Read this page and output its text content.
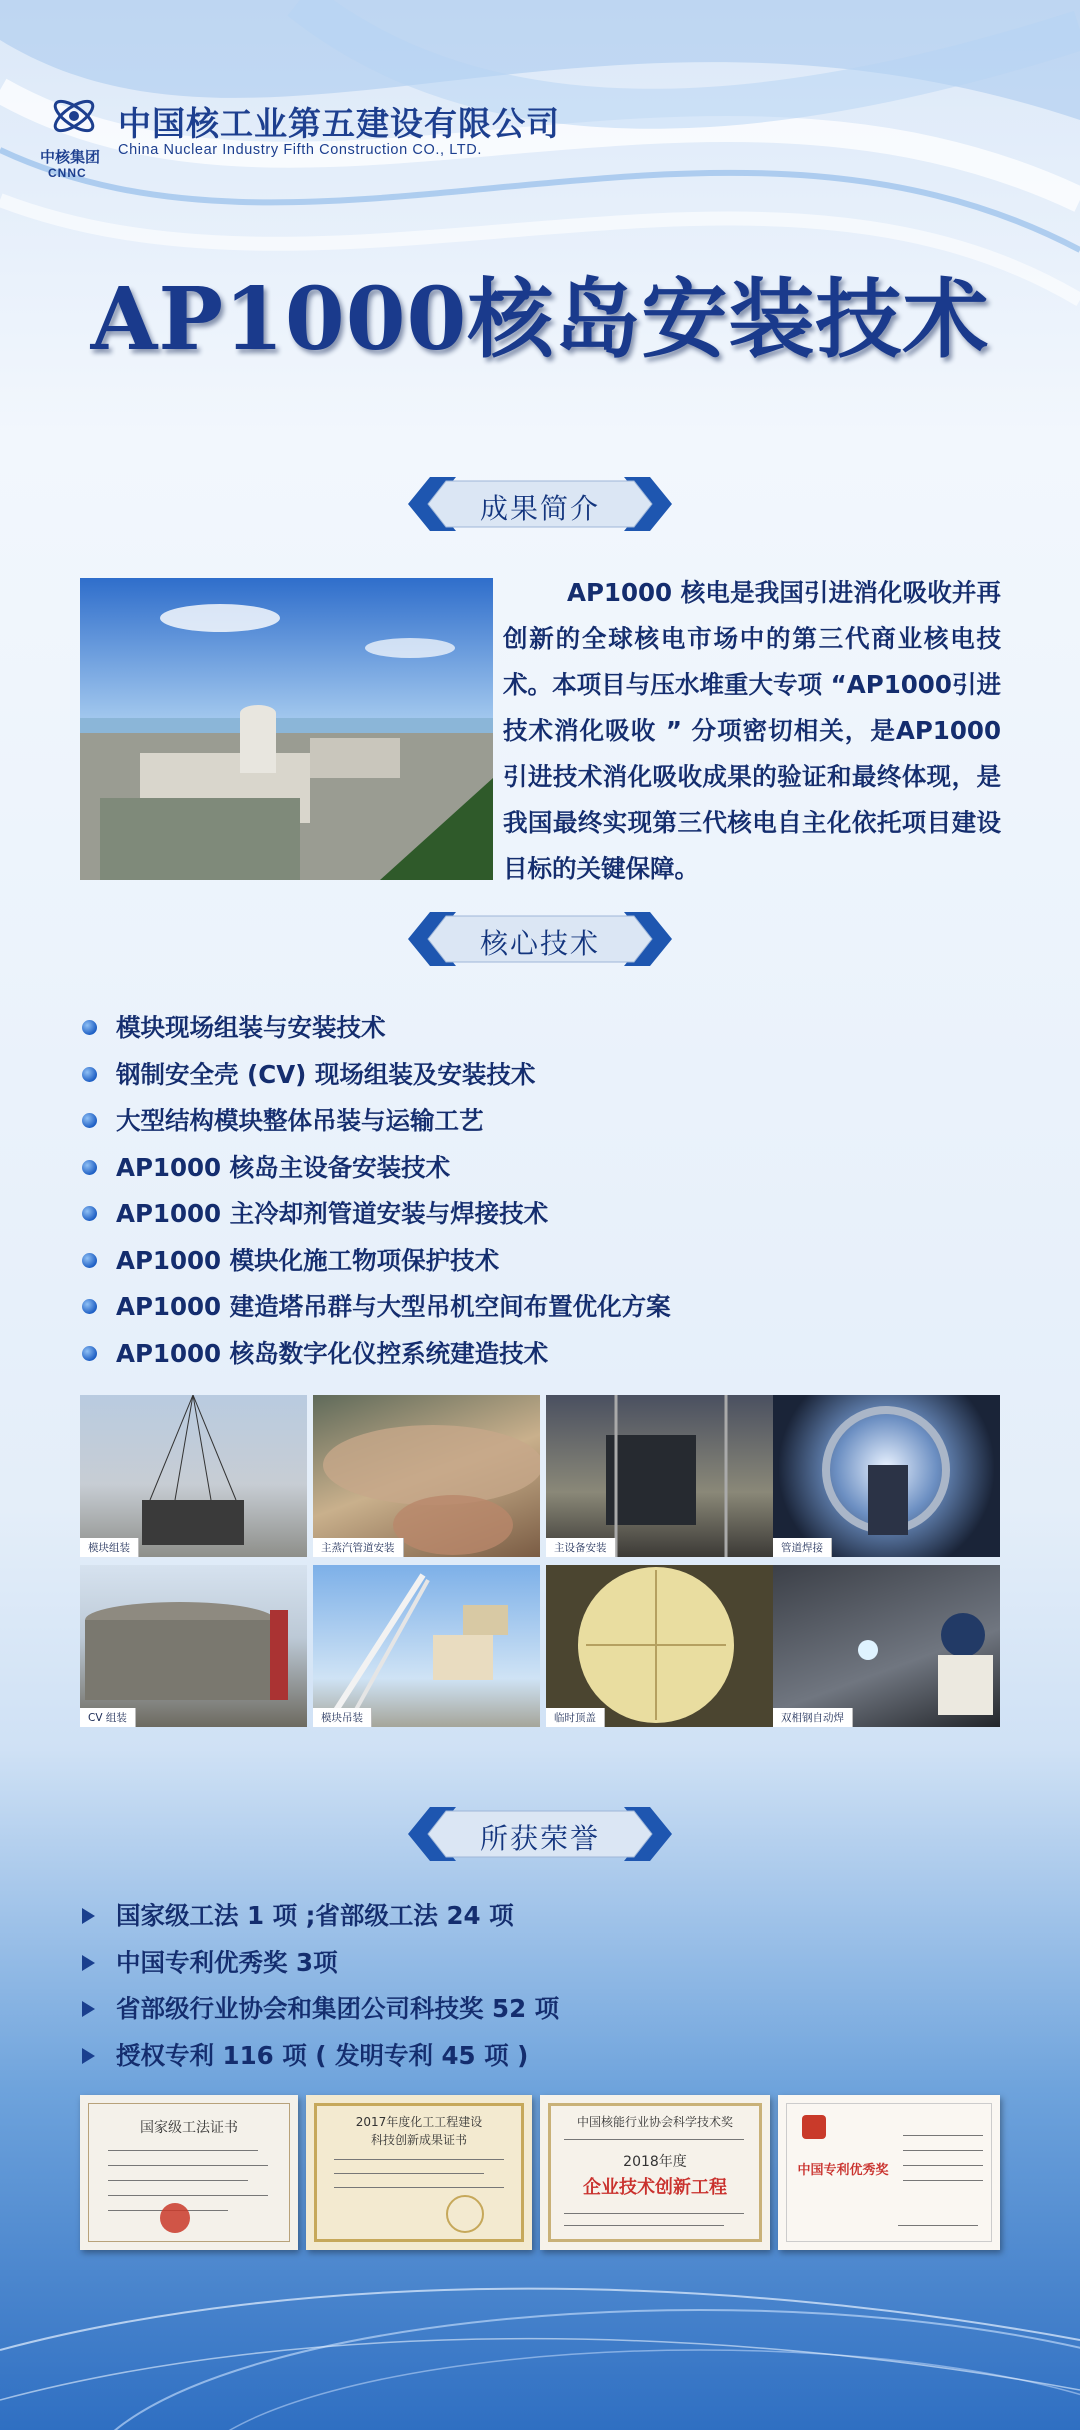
中核集团
CNNC
中国核工业第五建设有限公司
China Nuclear Industry Fifth Construction CO., LTD.
AP1000核岛安装技术
成果简介
AP1000 核电是我国引进消化吸收并再创新的全球核电市场中的第三代商业核电技术。本项目与压水堆重大专项 “AP1000引进技术消化吸收 ” 分项密切相关，是AP1000 引进技术消化吸收成果的验证和最终体现，是我国最终实现第三代核电自主化依托项目建设目标的关键保障。
核心技术
模块现场组装与安装技术
钢制安全壳 (CV) 现场组装及安装技术
大型结构模块整体吊装与运输工艺
AP1000 核岛主设备安装技术
AP1000 主冷却剂管道安装与焊接技术
AP1000 模块化施工物项保护技术
AP1000 建造塔吊群与大型吊机空间布置优化方案
AP1000 核岛数字化仪控系统建造技术
模块组装	主蒸汽管道安装	主设备安装	管道焊接
CV 组装	模块吊装	临时顶盖	双相钢自动焊
所获荣誉
国家级工法 1 项 ;省部级工法 24 项
中国专利优秀奖 3项
省部级行业协会和集团公司科技奖 52 项
授权专利 116 项 ( 发明专利 45 项 )
国家级工法证书	2017年度化工工程建设
科技创新成果证书
中国核能行业协会科学技术奖
2018年度
企业技术创新工程
中国专利优秀奖
